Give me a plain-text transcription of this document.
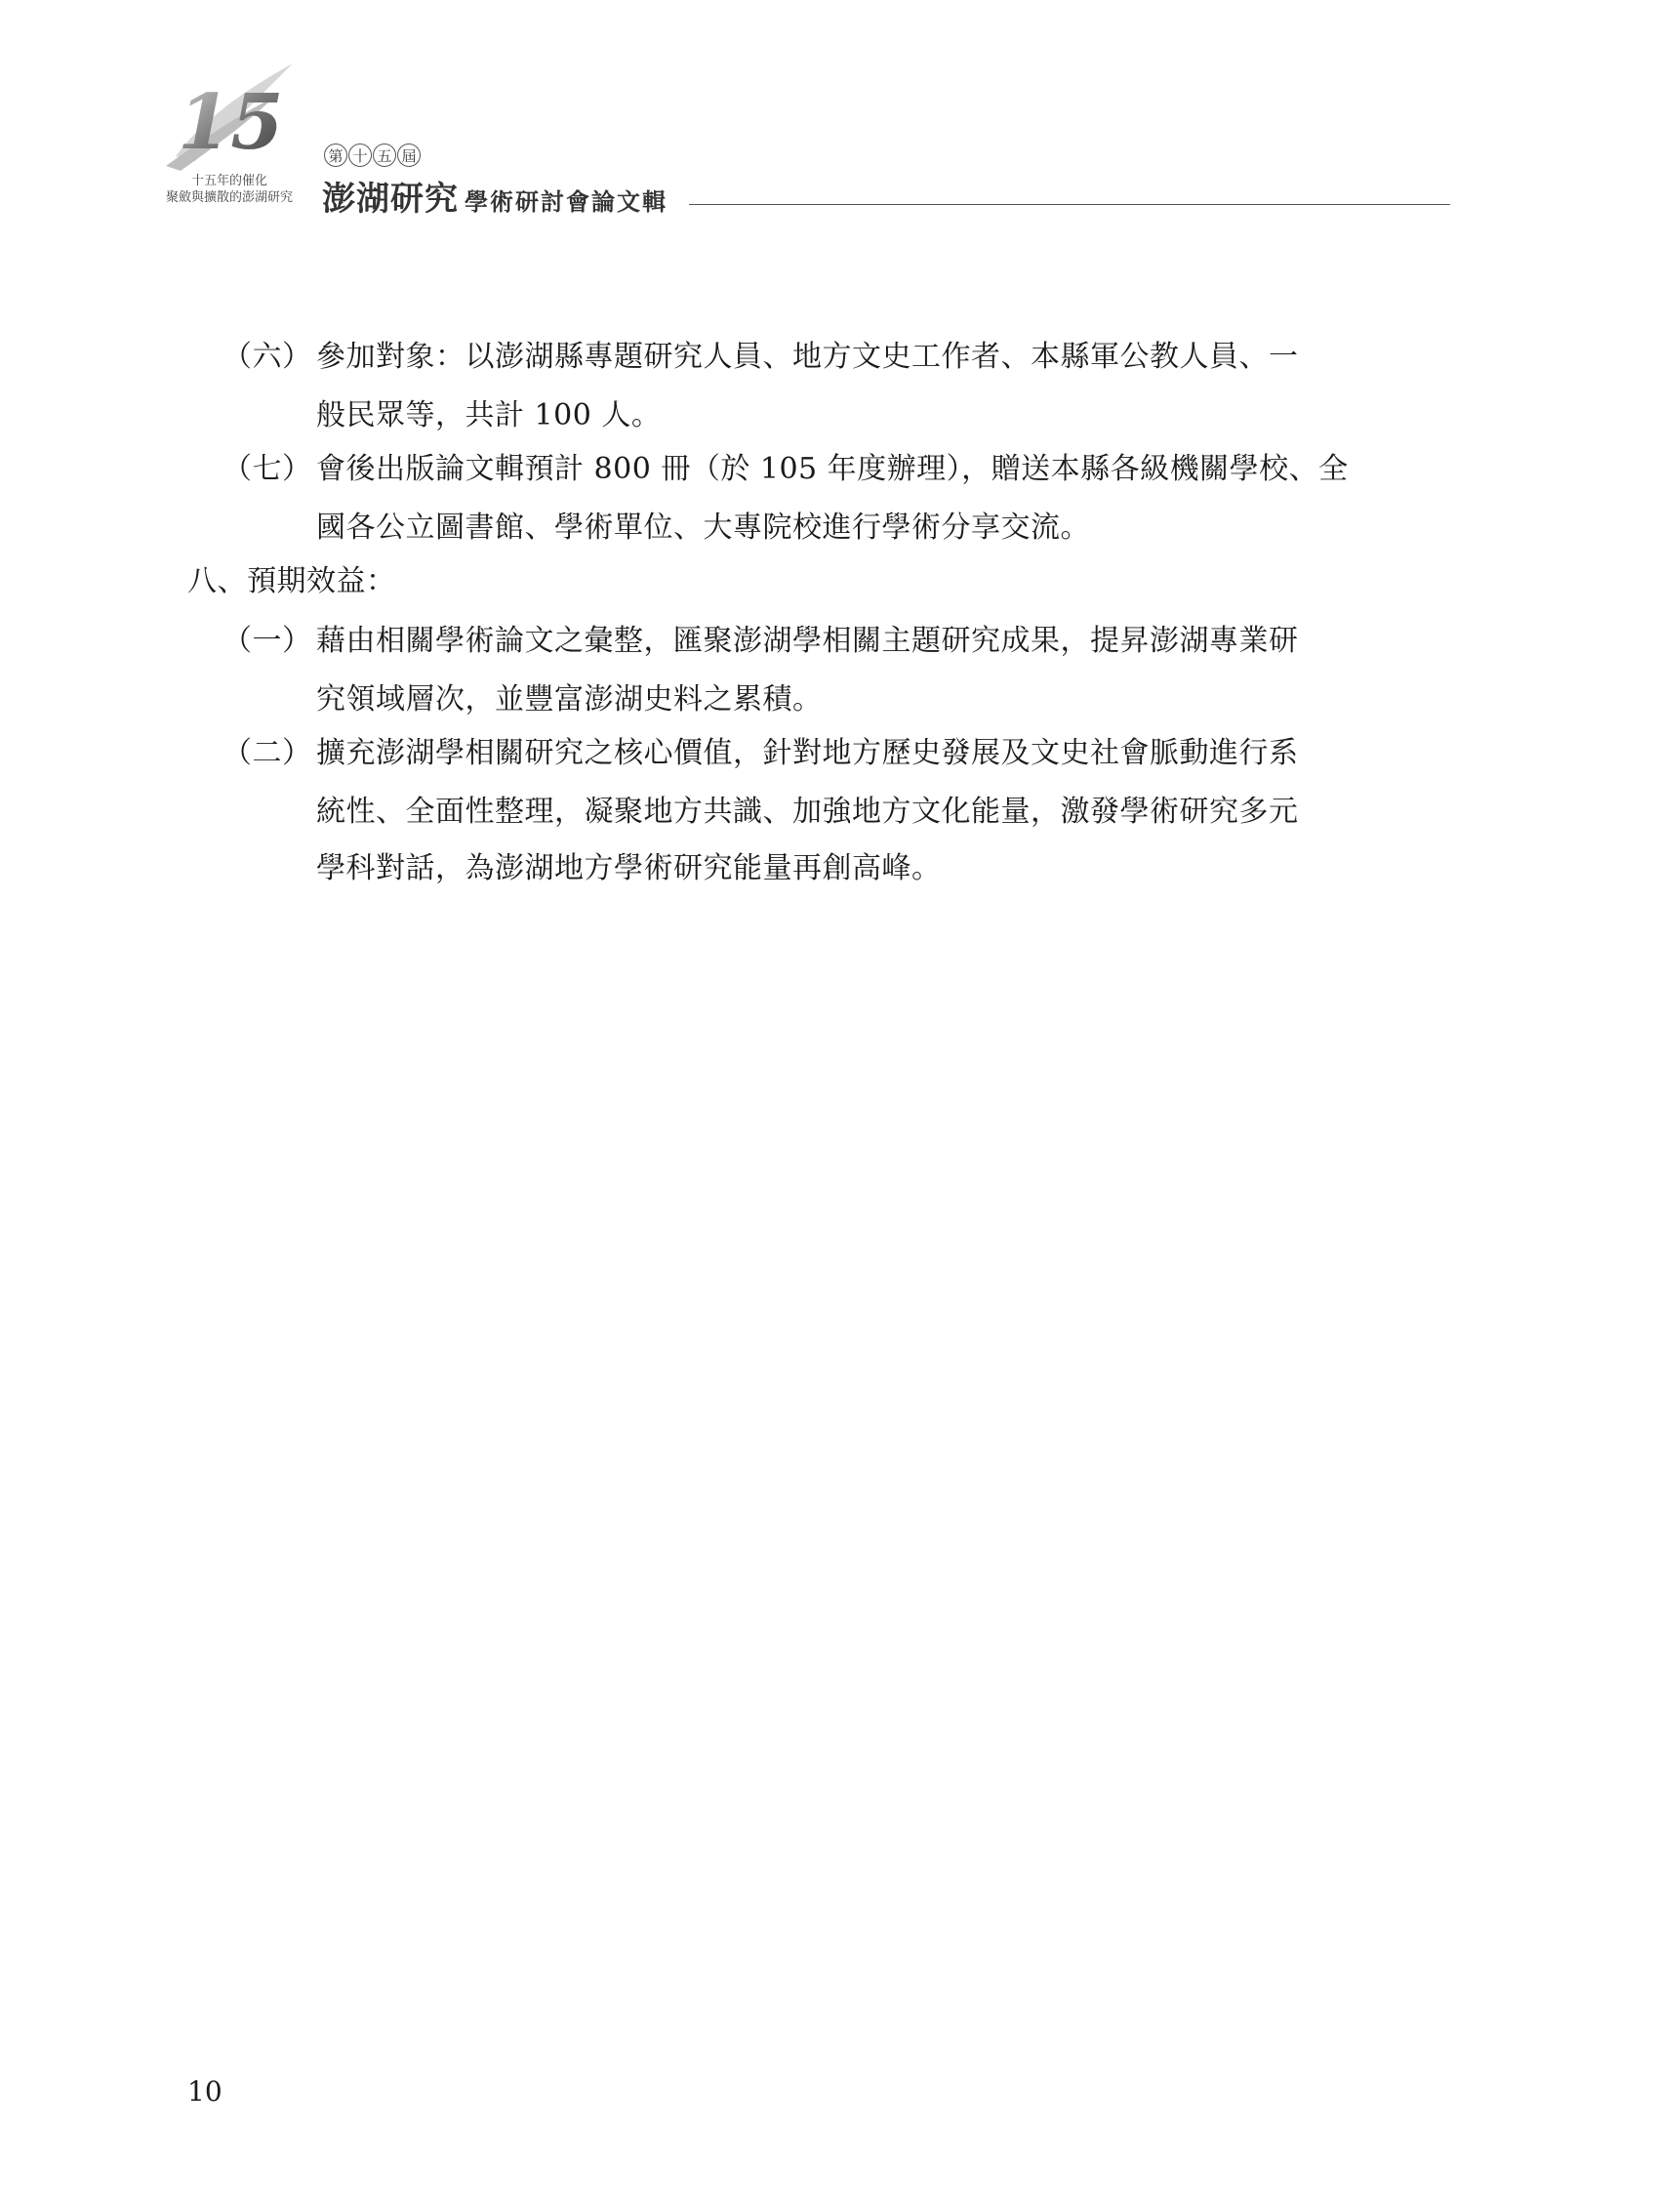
15
十五年的催化
聚斂與擴散的澎湖研究
第 十 五 屆
澎湖研究 學術研討會論文輯
（六） 參加對象：以澎湖縣專題研究人員、地方文史工作者、本縣軍公教人員、一
般民眾等，共計 100 人。
（七） 會後出版論文輯預計 800 冊（於 105 年度辦理），贈送本縣各級機關學校、全
國各公立圖書館、學術單位、大專院校進行學術分享交流。
八、預期效益：
（一） 藉由相關學術論文之彙整，匯聚澎湖學相關主題研究成果，提昇澎湖專業研
究領域層次，並豐富澎湖史料之累積。
（二） 擴充澎湖學相關研究之核心價值，針對地方歷史發展及文史社會脈動進行系
統性、全面性整理，凝聚地方共識、加強地方文化能量，激發學術研究多元
學科對話，為澎湖地方學術研究能量再創高峰。
10
